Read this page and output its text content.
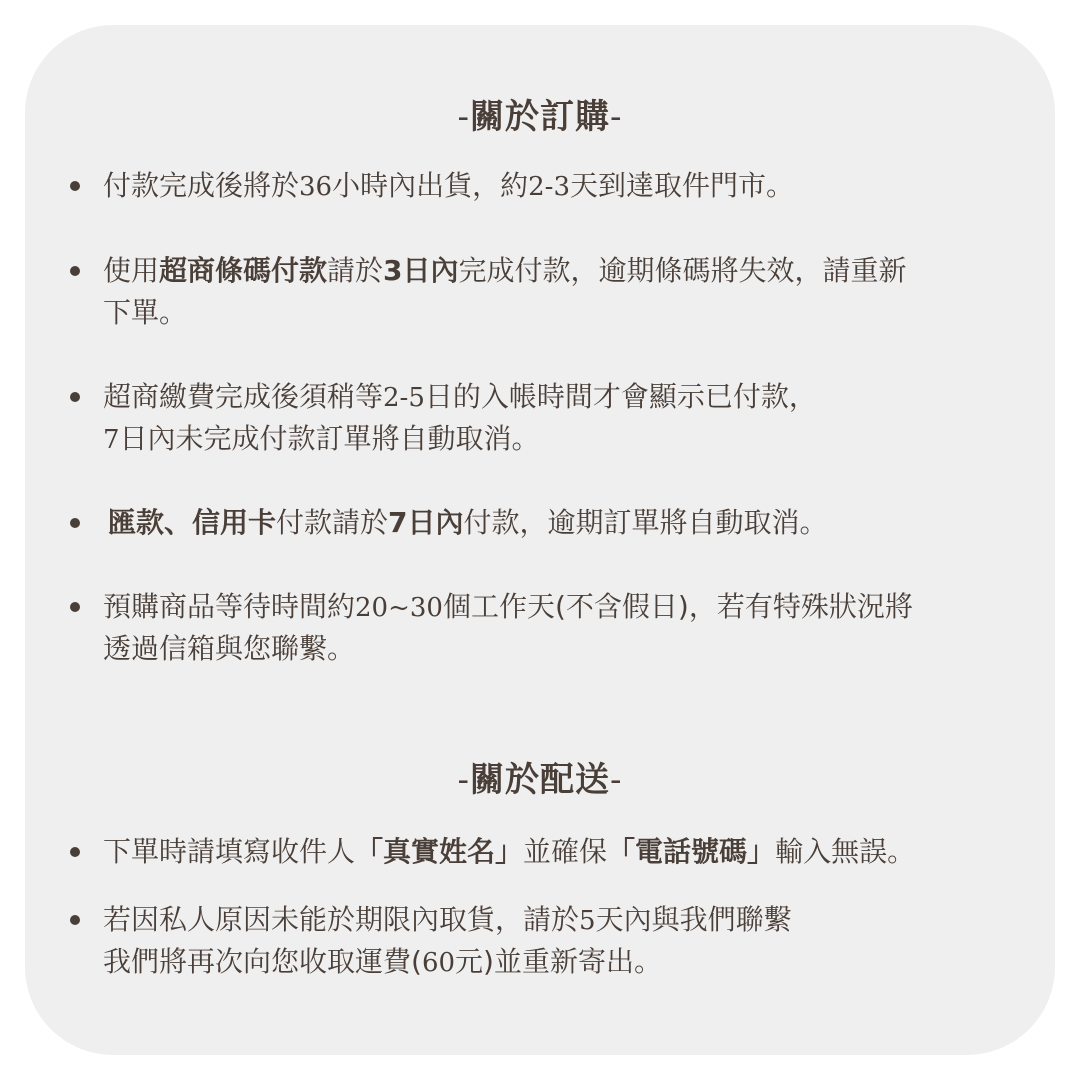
-關於訂購-
付款完成後將於36小時內出貨，約2-3天到達取件門市。
使用超商條碼付款請於3日內完成付款，逾期條碼將失效，請重新
下單。
超商繳費完成後須稍等2-5日的入帳時間才會顯示已付款，
7日內未完成付款訂單將自動取消。
匯款、信用卡付款請於7日內付款，逾期訂單將自動取消。
預購商品等待時間約20~30個工作天(不含假日)，若有特殊狀況將
透過信箱與您聯繫。
-關於配送-
下單時請填寫收件人「真實姓名」並確保「電話號碼」輸入無誤。
若因私人原因未能於期限內取貨，請於5天內與我們聯繫
我們將再次向您收取運費(60元)並重新寄出。
